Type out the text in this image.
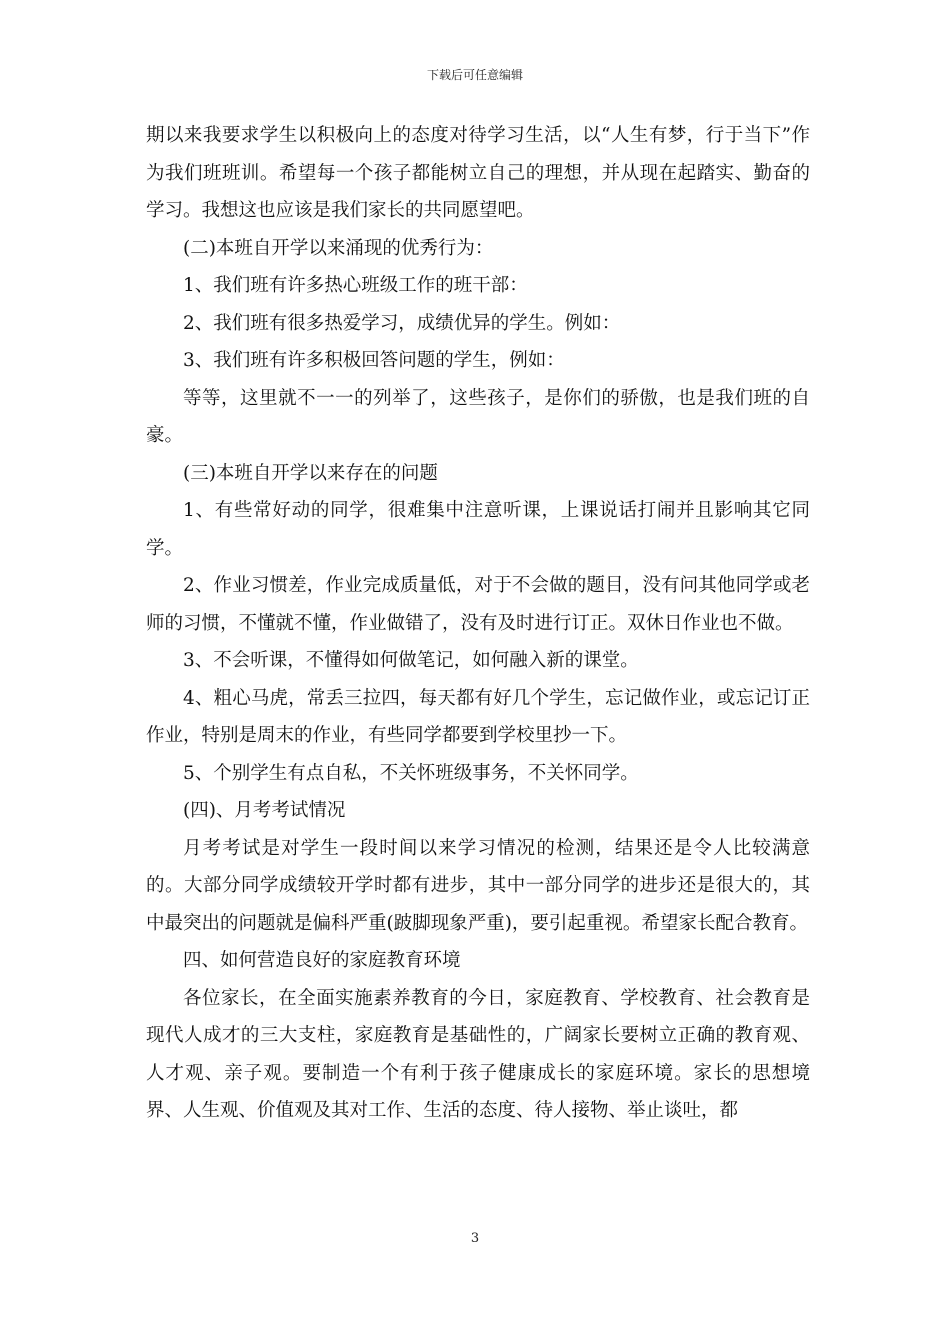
下载后可任意编辑

期以来我要求学生以积极向上的态度对待学习生活，以“人生有梦，行于当下”作为我们班班训。希望每一个孩子都能树立自己的理想，并从现在起踏实、勤奋的学习。我想这也应该是我们家长的共同愿望吧。

(二)本班自开学以来涌现的优秀行为：

1、我们班有许多热心班级工作的班干部：

2、我们班有很多热爱学习，成绩优异的学生。例如：

3、我们班有许多积极回答问题的学生，例如：

等等，这里就不一一的列举了，这些孩子，是你们的骄傲，也是我们班的自豪。

(三)本班自开学以来存在的问题

1、有些常好动的同学，很难集中注意听课，上课说话打闹并且影响其它同学。

2、作业习惯差，作业完成质量低，对于不会做的题目，没有问其他同学或老师的习惯，不懂就不懂，作业做错了，没有及时进行订正。双休日作业也不做。

3、不会听课，不懂得如何做笔记，如何融入新的课堂。

4、粗心马虎，常丢三拉四，每天都有好几个学生，忘记做作业，或忘记订正作业，特别是周末的作业，有些同学都要到学校里抄一下。

5、个别学生有点自私，不关怀班级事务，不关怀同学。

(四)、月考考试情况

月考考试是对学生一段时间以来学习情况的检测，结果还是令人比较满意的。大部分同学成绩较开学时都有进步，其中一部分同学的进步还是很大的，其中最突出的问题就是偏科严重(跛脚现象严重)，要引起重视。希望家长配合教育。

四、如何营造良好的家庭教育环境

各位家长，在全面实施素养教育的今日，家庭教育、学校教育、社会教育是现代人成才的三大支柱，家庭教育是基础性的，广阔家长要树立正确的教育观、人才观、亲子观。要制造一个有利于孩子健康成长的家庭环境。家长的思想境界、人生观、价值观及其对工作、生活的态度、待人接物、举止谈吐，都

3
